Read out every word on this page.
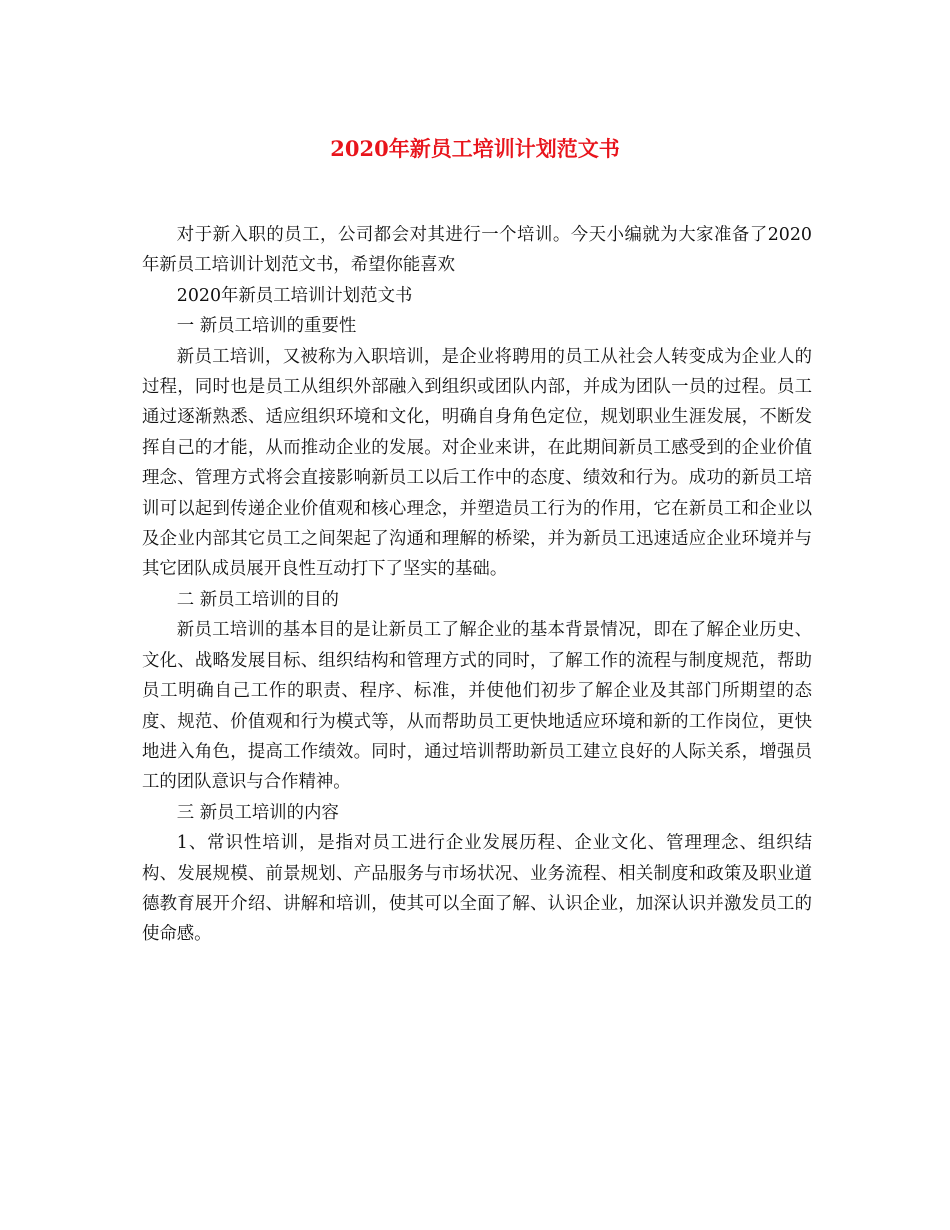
2020年新员工培训计划范文书

对于新入职的员工，公司都会对其进行一个培训。今天小编就为大家准备了2020年新员工培训计划范文书，希望你能喜欢

2020年新员工培训计划范文书

一 新员工培训的重要性

新员工培训，又被称为入职培训，是企业将聘用的员工从社会人转变成为企业人的过程，同时也是员工从组织外部融入到组织或团队内部，并成为团队一员的过程。员工通过逐渐熟悉、适应组织环境和文化，明确自身角色定位，规划职业生涯发展，不断发挥自己的才能，从而推动企业的发展。对企业来讲，在此期间新员工感受到的企业价值理念、管理方式将会直接影响新员工以后工作中的态度、绩效和行为。成功的新员工培训可以起到传递企业价值观和核心理念，并塑造员工行为的作用，它在新员工和企业以及企业内部其它员工之间架起了沟通和理解的桥梁，并为新员工迅速适应企业环境并与其它团队成员展开良性互动打下了坚实的基础。

二 新员工培训的目的

新员工培训的基本目的是让新员工了解企业的基本背景情况，即在了解企业历史、文化、战略发展目标、组织结构和管理方式的同时，了解工作的流程与制度规范，帮助员工明确自己工作的职责、程序、标准，并使他们初步了解企业及其部门所期望的态度、规范、价值观和行为模式等，从而帮助员工更快地适应环境和新的工作岗位，更快地进入角色，提高工作绩效。同时，通过培训帮助新员工建立良好的人际关系，增强员工的团队意识与合作精神。

三 新员工培训的内容

1、常识性培训，是指对员工进行企业发展历程、企业文化、管理理念、组织结构、发展规模、前景规划、产品服务与市场状况、业务流程、相关制度和政策及职业道德教育展开介绍、讲解和培训，使其可以全面了解、认识企业，加深认识并激发员工的使命感。
